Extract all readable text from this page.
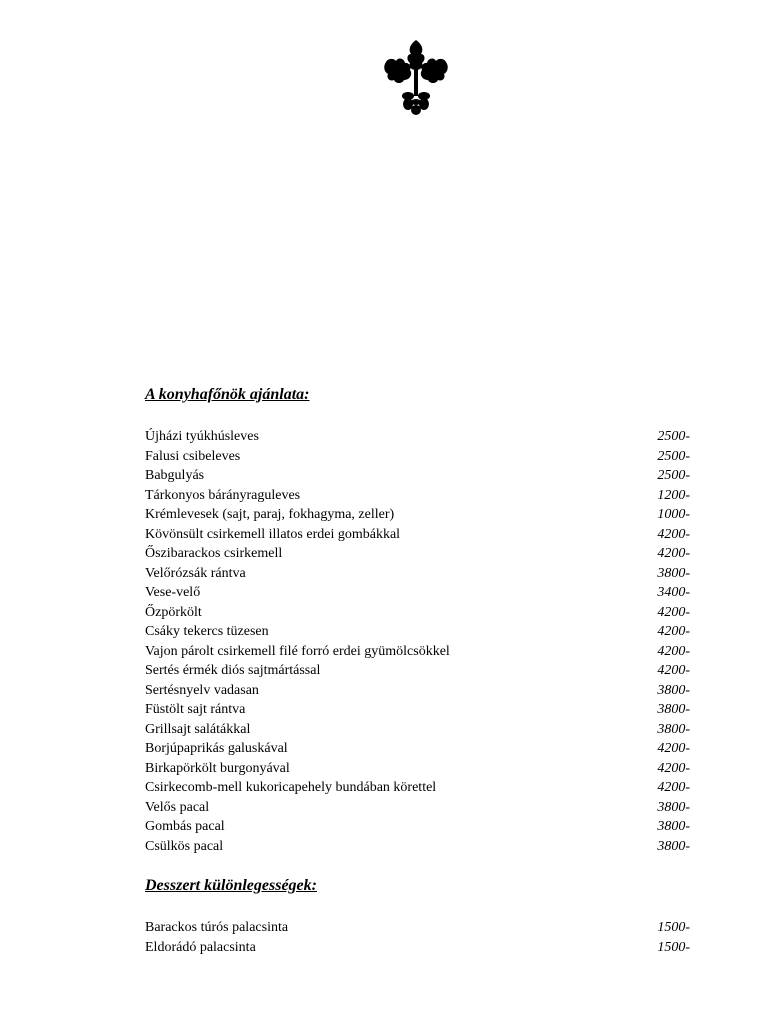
A konyhafőnök ajánlata:
Újházi tyúkhúsleves	2500-
Falusi csibeleves	2500-
Babgulyás	2500-
Tárkonyos bárányraguleves	1200-
Krémlevesek (sajt, paraj, fokhagyma, zeller)	1000-
Kövönsült csirkemell illatos erdei gombákkal	4200-
Őszibarackos csirkemell	4200-
Velőrózsák rántva	3800-
Vese-velő	3400-
Őzpörkölt	4200-
Csáky tekercs tüzesen	4200-
Vajon párolt csirkemell filé forró erdei gyümölcsökkel	4200-
Sertés érmék diós sajtmártással	4200-
Sertésnyelv vadasan	3800-
Füstölt sajt rántva	3800-
Grillsajt salátákkal	3800-
Borjúpaprikás galuskával	4200-
Birkapörkölt burgonyával	4200-
Csirkecomb-mell kukoricapehely bundában körettel	4200-
Velős pacal	3800-
Gombás pacal	3800-
Csülkös pacal	3800-
Desszert különlegességek:
Barackos túrós palacsinta	1500-
Eldorádó palacsinta	1500-
